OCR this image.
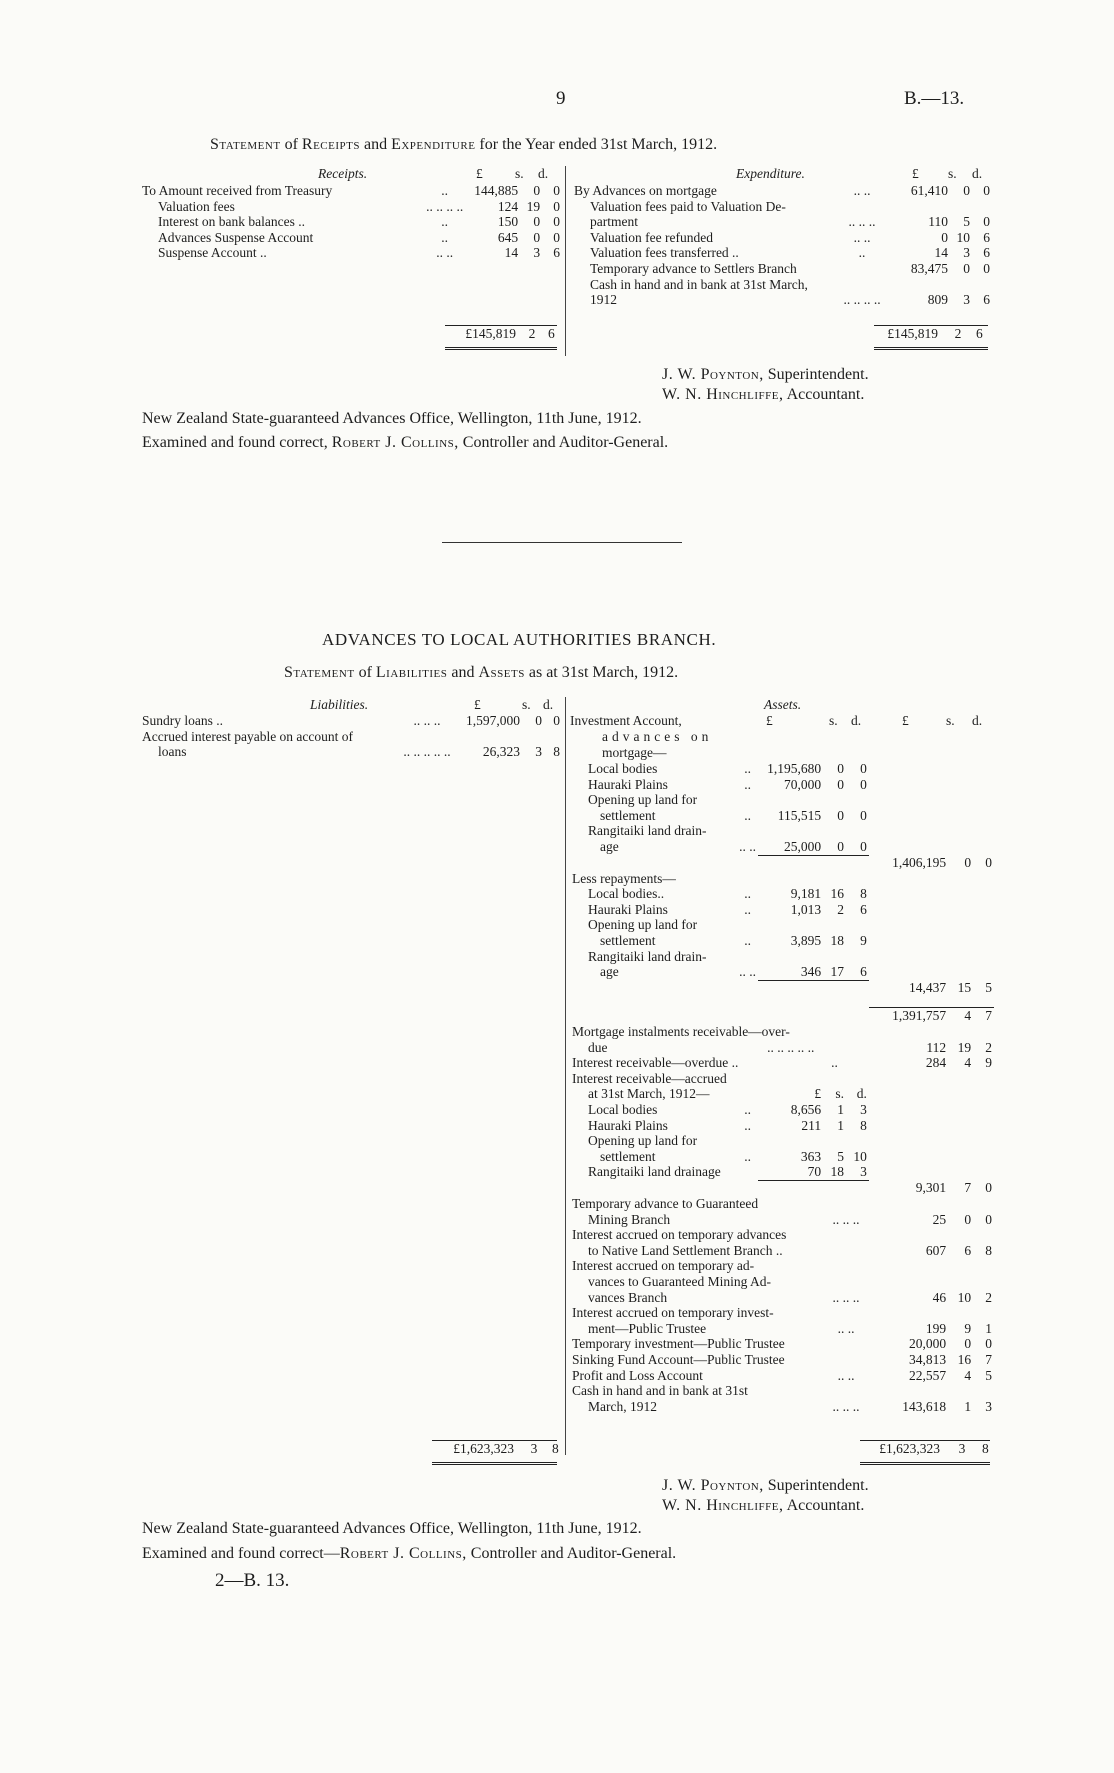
9	B.—13.
Statement of Receipts and Expenditure for the Year ended 31st March, 1912.
Receipts.	£ s. d.	Expenditure.	£ s. d.
To Amount received from Treasury	..	144,885	0	0
Valuation fees	.. .. .. ..	124	19	0
Interest on bank balances ..	..	150	0	0
Advances Suspense Account	..	645	0	0
Suspense Account ..	.. ..	14	3	6
By Advances on mortgage	.. ..	61,410	0	0
Valuation fees paid to Valuation De-				
partment	.. .. ..	110	5	0
Valuation fee refunded	.. ..	0	10	6
Valuation fees transferred ..	..	14	3	6
Temporary advance to Settlers Branch		83,475	0	0
Cash in hand and in bank at 31st March,				
1912	.. .. .. ..	809	3	6
£145,819 2 6	£145,819 2 6
J. W. Poynton, Superintendent.
W. N. Hinchliffe, Accountant.
New Zealand State-guaranteed Advances Office, Wellington, 11th June, 1912.
Examined and found correct, Robert J. Collins, Controller and Auditor-General.
ADVANCES TO LOCAL AUTHORITIES BRANCH.
Statement of Liabilities and Assets as at 31st March, 1912.
Liabilities.	£	s. d.	Assets.
Sundry loans ..	.. .. ..	1,597,000	0	0
Accrued interest payable on account of				
loans	.. .. .. .. ..	26,323	3	8
£1,623,323 3 8
Investment Account,	£	s. d.	£	s. d.
advances on
mortgage—
Local bodies	..	1,195,680	0	0			
Hauraki Plains	..	70,000	0	0			
Opening up land for							
settlement	..	115,515	0	0			
Rangitaiki land drain-							
age	.. ..	25,000	0	0			
					1,406,195	0	0
Less repayments—							
Local bodies..	..	9,181	16	8			
Hauraki Plains	..	1,013	2	6			
Opening up land for							
settlement	..	3,895	18	9			
Rangitaiki land drain-							
age	.. ..	346	17	6			
					14,437	15	5

					1,391,757	4	7
Mortgage instalments receivable—over-							
due		.. .. .. .. ..			112	19	2
Interest receivable—overdue ..			..		284	4	9
Interest receivable—accrued							
at 31st March, 1912—		£	s.	d.			
Local bodies	..	8,656	1	3			
Hauraki Plains	..	211	1	8			
Opening up land for							
settlement	..	363	5	10			
Rangitaiki land drainage		70	18	3			
					9,301	7	0
Temporary advance to Guaranteed							
Mining Branch			.. .. ..		25	0	0
Interest accrued on temporary advances							
to Native Land Settlement Branch ..					607	6	8
Interest accrued on temporary ad-							
vances to Guaranteed Mining Ad-							
vances Branch			.. .. ..		46	10	2
Interest accrued on temporary invest-							
ment—Public Trustee			.. ..		199	9	1
Temporary investment—Public Trustee					20,000	0	0
Sinking Fund Account—Public Trustee					34,813	16	7
Profit and Loss Account			.. ..		22,557	4	5
Cash in hand and in bank at 31st							
March, 1912			.. .. ..		143,618	1	3
£1,623,323 3 8
J. W. Poynton, Superintendent.
W. N. Hinchliffe, Accountant.
New Zealand State-guaranteed Advances Office, Wellington, 11th June, 1912.
Examined and found correct—Robert J. Collins, Controller and Auditor-General.
2—B. 13.
